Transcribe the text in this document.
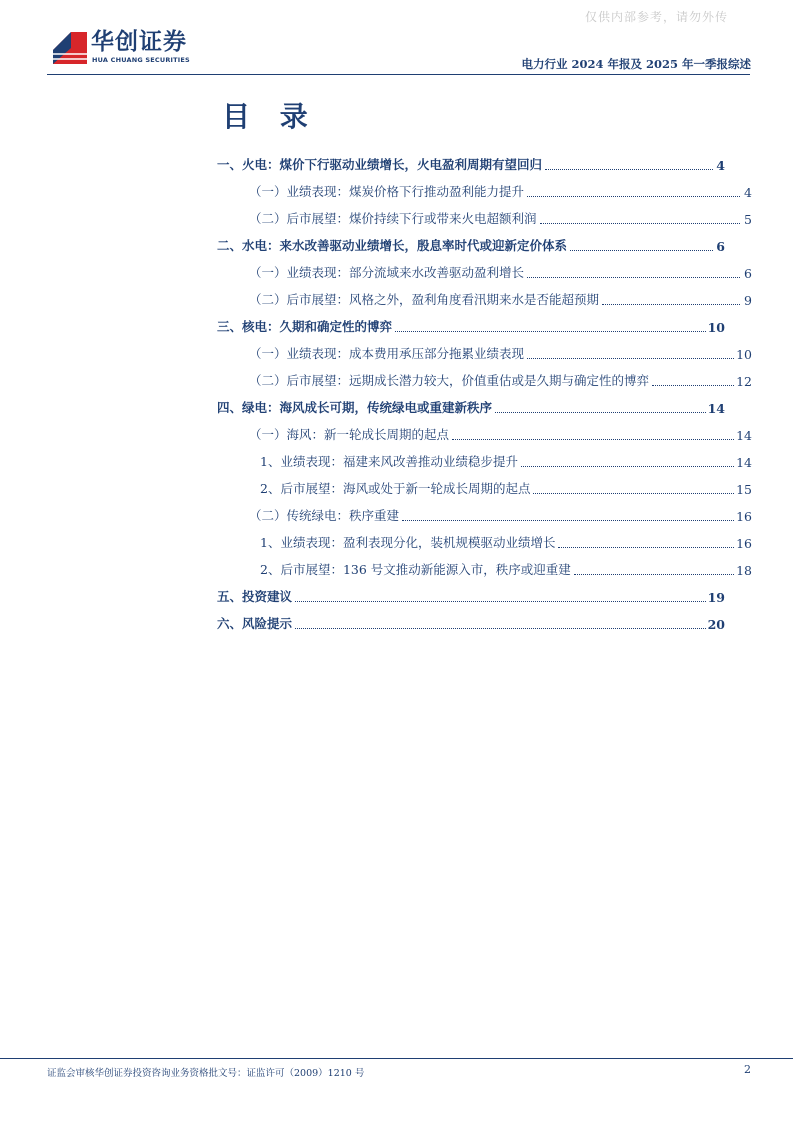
仅供内部参考，请勿外传
华创证券
HUA CHUANG SECURITIES	电力行业 2024 年报及 2025 年一季报综述
目 录
一、火电：煤价下行驱动业绩增长，火电盈利周期有望回归	4
（一）业绩表现：煤炭价格下行推动盈利能力提升	4
（二）后市展望：煤价持续下行或带来火电超额利润	5
二、水电：来水改善驱动业绩增长，殷息率时代或迎新定价体系	6
（一）业绩表现：部分流域来水改善驱动盈利增长	6
（二）后市展望：风格之外，盈利角度看汛期来水是否能超预期	9
三、核电：久期和确定性的博弈	10
（一）业绩表现：成本费用承压部分拖累业绩表现	10
（二）后市展望：远期成长潜力较大，价值重估或是久期与确定性的博弈	12
四、绿电：海风成长可期，传统绿电或重建新秩序	14
（一）海风：新一轮成长周期的起点	14
1、业绩表现：福建来风改善推动业绩稳步提升	14
2、后市展望：海风或处于新一轮成长周期的起点	15
（二）传统绿电：秩序重建	16
1、业绩表现：盈利表现分化，装机规模驱动业绩增长	16
2、后市展望：136 号文推动新能源入市，秩序或迎重建	18
五、投资建议	19
六、风险提示	20
证监会审核华创证券投资咨询业务资格批文号：证监许可（2009）1210 号	2
